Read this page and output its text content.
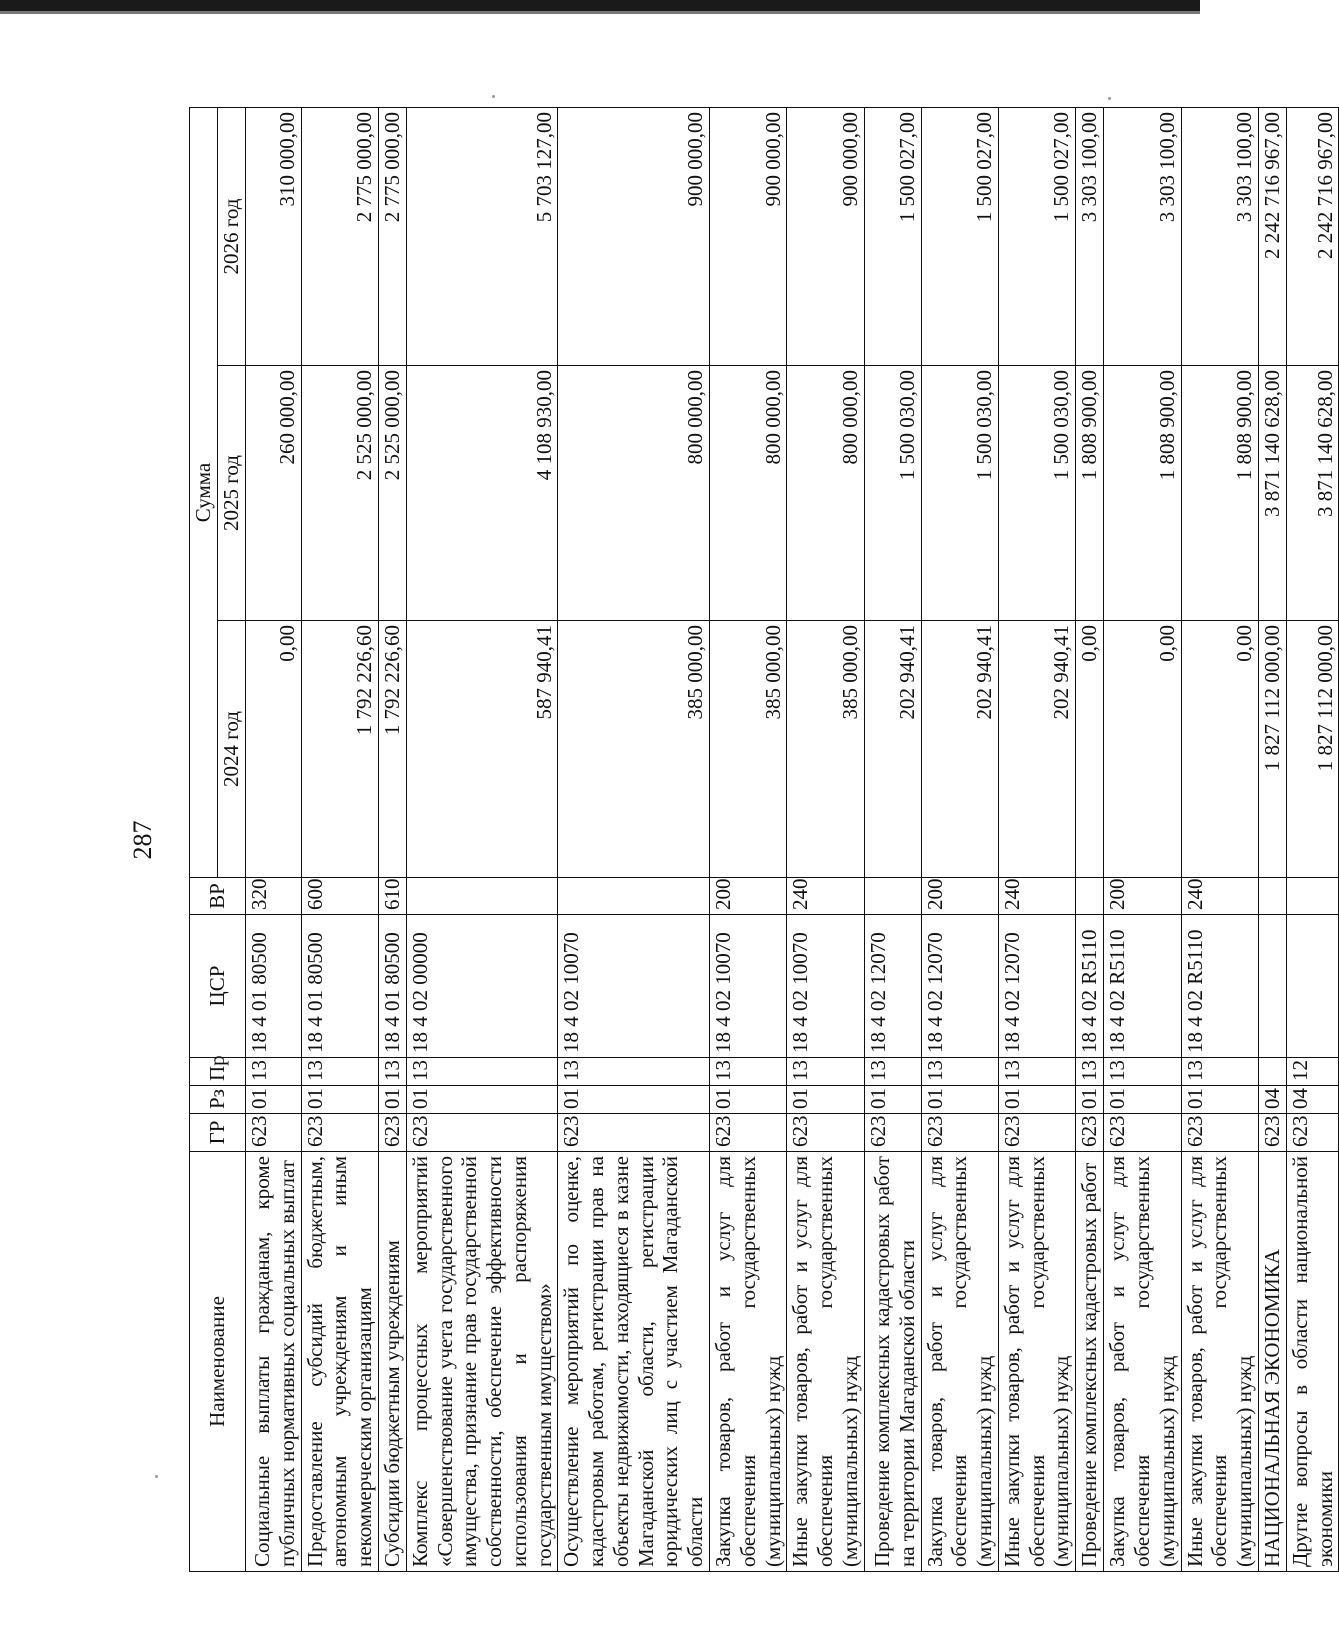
287
Наименование	ГР	Рз	Пр	ЦСР	ВР	Сумма		
						2024 год	2025 год	2026 год
Социальные выплаты гражданам, кроме публичных нормативных социальных выплат	623	01	13	18 4 01 80500	320	0,00	260 000,00	310 000,00
Предоставление субсидий бюджетным, автономным учреждениям и иным некоммерческим организациям	623	01	13	18 4 01 80500	600	1 792 226,60	2 525 000,00	2 775 000,00
Субсидии бюджетным учреждениям	623	01	13	18 4 01 80500	610	1 792 226,60	2 525 000,00	2 775 000,00
Комплекс процессных мероприятий «Совершенствование учета государственного имущества, признание прав государственной собственности, обеспечение эффективности использования и распоряжения государственным имуществом»	623	01	13	18 4 02 00000		587 940,41	4 108 930,00	5 703 127,00
Осуществление мероприятий по оценке, кадастровым работам, регистрации прав на объекты недвижимости, находящиеся в казне Магаданской области, регистрации юридических лиц с участием Магаданской области	623	01	13	18 4 02 10070		385 000,00	800 000,00	900 000,00
Закупка товаров, работ и услуг для обеспечения государственных (муниципальных) нужд	623	01	13	18 4 02 10070	200	385 000,00	800 000,00	900 000,00
Иные закупки товаров, работ и услуг для обеспечения государственных (муниципальных) нужд	623	01	13	18 4 02 10070	240	385 000,00	800 000,00	900 000,00
Проведение комплексных кадастровых работ на территории Магаданской области	623	01	13	18 4 02 12070		202 940,41	1 500 030,00	1 500 027,00
Закупка товаров, работ и услуг для обеспечения государственных (муниципальных) нужд	623	01	13	18 4 02 12070	200	202 940,41	1 500 030,00	1 500 027,00
Иные закупки товаров, работ и услуг для обеспечения государственных (муниципальных) нужд	623	01	13	18 4 02 12070	240	202 940,41	1 500 030,00	1 500 027,00
Проведение комплексных кадастровых работ	623	01	13	18 4 02 R5110		0,00	1 808 900,00	3 303 100,00
Закупка товаров, работ и услуг для обеспечения государственных (муниципальных) нужд	623	01	13	18 4 02 R5110	200	0,00	1 808 900,00	3 303 100,00
Иные закупки товаров, работ и услуг для обеспечения государственных (муниципальных) нужд	623	01	13	18 4 02 R5110	240	0,00	1 808 900,00	3 303 100,00
НАЦИОНАЛЬНАЯ ЭКОНОМИКА	623	04				1 827 112 000,00	3 871 140 628,00	2 242 716 967,00
Другие вопросы в области национальной экономики	623	04	12			1 827 112 000,00	3 871 140 628,00	2 242 716 967,00
